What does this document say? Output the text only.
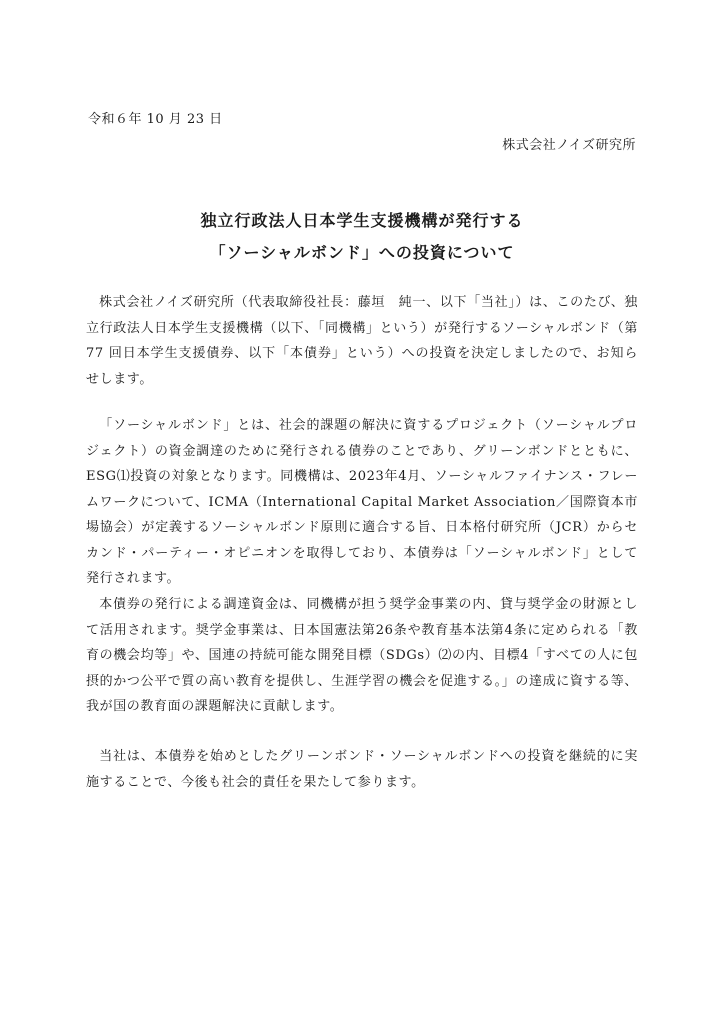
令和６年 10 月 23 日
株式会社ノイズ研究所
独立行政法人日本学生支援機構が発行する
「ソーシャルボンド」への投資について
株式会社ノイズ研究所（代表取締役社長：藤垣　純一、以下「当社」）は、このたび、独立行政法人日本学生支援機構（以下、「同機構」という）が発行するソーシャルボンド（第 77 回日本学生支援債券、以下「本債券」という）への投資を決定しましたので、お知らせします。
「ソーシャルボンド」とは、社会的課題の解決に資するプロジェクト（ソーシャルプロジェクト）の資金調達のために発行される債券のことであり、グリーンボンドとともに、ESG⑴投資の対象となります。同機構は、2023年4月、ソーシャルファイナンス・フレームワークについて、ICMA（International Capital Market Association／国際資本市場協会）が定義するソーシャルボンド原則に適合する旨、日本格付研究所（JCR）からセカンド・パーティー・オピニオンを取得しており、本債券は「ソーシャルボンド」として発行されます。
本債券の発行による調達資金は、同機構が担う奨学金事業の内、貸与奨学金の財源として活用されます。奨学金事業は、日本国憲法第26条や教育基本法第4条に定められる「教育の機会均等」や、国連の持続可能な開発目標（SDGs）⑵の内、目標4「すべての人に包摂的かつ公平で質の高い教育を提供し、生涯学習の機会を促進する。」の達成に資する等、我が国の教育面の課題解決に貢献します。
当社は、本債券を始めとしたグリーンボンド・ソーシャルボンドへの投資を継続的に実施することで、今後も社会的責任を果たして参ります。
